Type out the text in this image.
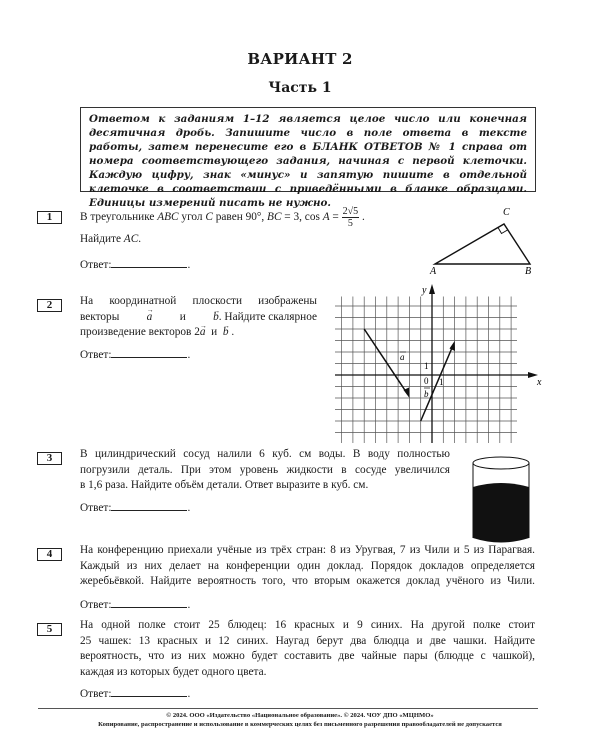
ВАРИАНТ 2
Часть 1
Ответом к заданиям 1–12 является целое число или конечная десятичная дробь. Запишите число в поле ответа в тексте работы, затем перенесите его в БЛАНК ОТВЕТОВ № 1 справа от номера соответствующего задания, начиная с первой клеточки. Каждую цифру, знак «минус» и запятую пишите в отдельной клеточке в соответствии с приведёнными в бланке образцами. Единицы измерений писать не нужно.
1	В треугольнике ABC угол C равен 90°, BC = 3, $\cos A = \frac{2√5}{5}$ .
Найдите AC.
Ответ:	.
C
A	B
2	На координатной плоскости изображены
векторы → a и → b. Найдите скалярное
произведение векторов 2→ a и → b .
Ответ:	.
x
y
0 1
1
a
b
3	В цилиндрический сосуд налили 6 куб. см воды. В воду полностью
погрузили деталь. При этом уровень жидкости в сосуде увеличился
в 1,6 раза. Найдите объём детали. Ответ выразите в куб. см.
Ответ:	.
4	На конференцию приехали учёные из трёх стран: 8 из Уругвая, 7 из Чили и 5 из Парагвая.
Каждый из них делает на конференции один доклад. Порядок докладов определяется
жеребьёвкой. Найдите вероятность того, что вторым окажется доклад учёного из Чили.
Ответ:	.
5	На одной полке стоит 25 блюдец: 16 красных и 9 синих. На другой полке стоит
25 чашек: 13 красных и 12 синих. Наугад берут два блюдца и две чашки. Найдите
вероятность, что из них можно будет составить две чайные пары (блюдце с чашкой),
каждая из которых будет одного цвета.
Ответ:	.
© 2024. ООО «Издательство «Национальное образование». © 2024. ЧОУ ДПО «МЦНМО»
Копирование, распространение и использование в коммерческих целях без письменного разрешения правообладателей не допускается
